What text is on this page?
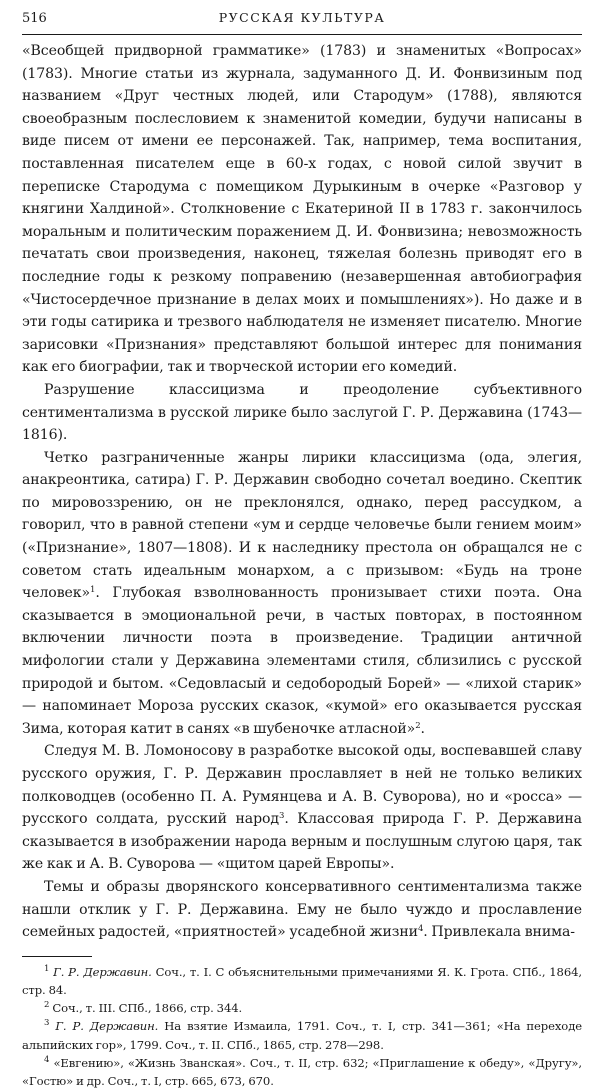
516	РУССКАЯ КУЛЬТУРА

«Всеобщей придворной грамматике» (1783) и знаменитых «Вопросах» (1783). Многие статьи из журнала, задуманного Д. И. Фонвизиным под названием «Друг честных людей, или Стародум» (1788), являются своеобразным послесловием к знаменитой комедии, будучи написаны в виде писем от имени ее персонажей. Так, например, тема воспитания, поставленная писателем еще в 60-х годах, с новой силой звучит в переписке Стародума с помещиком Дурыкиным в очерке «Разговор у княгини Халдиной». Столкновение с Екатериной II в 1783 г. закончилось моральным и политическим поражением Д. И. Фонвизина; невозможность печатать свои произведения, наконец, тяжелая болезнь приводят его в последние годы к резкому поправению (незавершенная автобиография «Чистосердечное признание в делах моих и помышлениях»). Но даже и в эти годы сатирика и трезвого наблюдателя не изменяет писателю. Многие зарисовки «Признания» представляют большой интерес для понимания как его биографии, так и творческой истории его комедий.

Разрушение классицизма и преодоление субъективного сентиментализма в русской лирике было заслугой Г. Р. Державина (1743—1816).

Четко разграниченные жанры лирики классицизма (ода, элегия, анакреонтика, сатира) Г. Р. Державин свободно сочетал воедино. Скептик по мировоззрению, он не преклонялся, однако, перед рассудком, а говорил, что в равной степени «ум и сердце человечье были гением моим» («Признание», 1807—1808). И к наследнику престола он обращался не с советом стать идеальным монархом, а с призывом: «Будь на троне человек»$^1$. Глубокая взволнованность пронизывает стихи поэта. Она сказывается в эмоциональной речи, в частых повторах, в постоянном включении личности поэта в произведение. Традиции античной мифологии стали у Державина элементами стиля, сблизились с русской природой и бытом. «Седовласый и седобородый Борей» — «лихой старик» — напоминает Мороза русских сказок, «кумой» его оказывается русская Зима, которая катит в санях «в шубеночке атласной»$^2$.

Следуя М. В. Ломоносову в разработке высокой оды, воспевавшей славу русского оружия, Г. Р. Державин прославляет в ней не только великих полководцев (особенно П. А. Румянцева и А. В. Суворова), но и «росса» — русского солдата, русский народ$^3$. Классовая природа Г. Р. Державина сказывается в изображении народа верным и послушным слугою царя, так же как и А. В. Суворова — «щитом царей Европы».

Темы и образы дворянского консервативного сентиментализма также нашли отклик у Г. Р. Державина. Ему не было чуждо и прославление семейных радостей, «приятностей» усадебной жизни$^4$. Привлекала внима-

$^1$ Г. Р. Державин. Соч., т. I. С объяснительными примечаниями Я. К. Грота. СПб., 1864, стр. 84.

$^2$ Соч., т. III. СПб., 1866, стр. 344.

$^3$ Г. Р. Державин. На взятие Измаила, 1791. Соч., т. I, стр. 341—361; «На переходе альпийских гор», 1799. Соч., т. II. СПб., 1865, стр. 278—298.

$^4$ «Евгению», «Жизнь Званская». Соч., т. II, стр. 632; «Приглашение к обеду», «Другу», «Гостю» и др. Соч., т. I, стр. 665, 673, 670.
